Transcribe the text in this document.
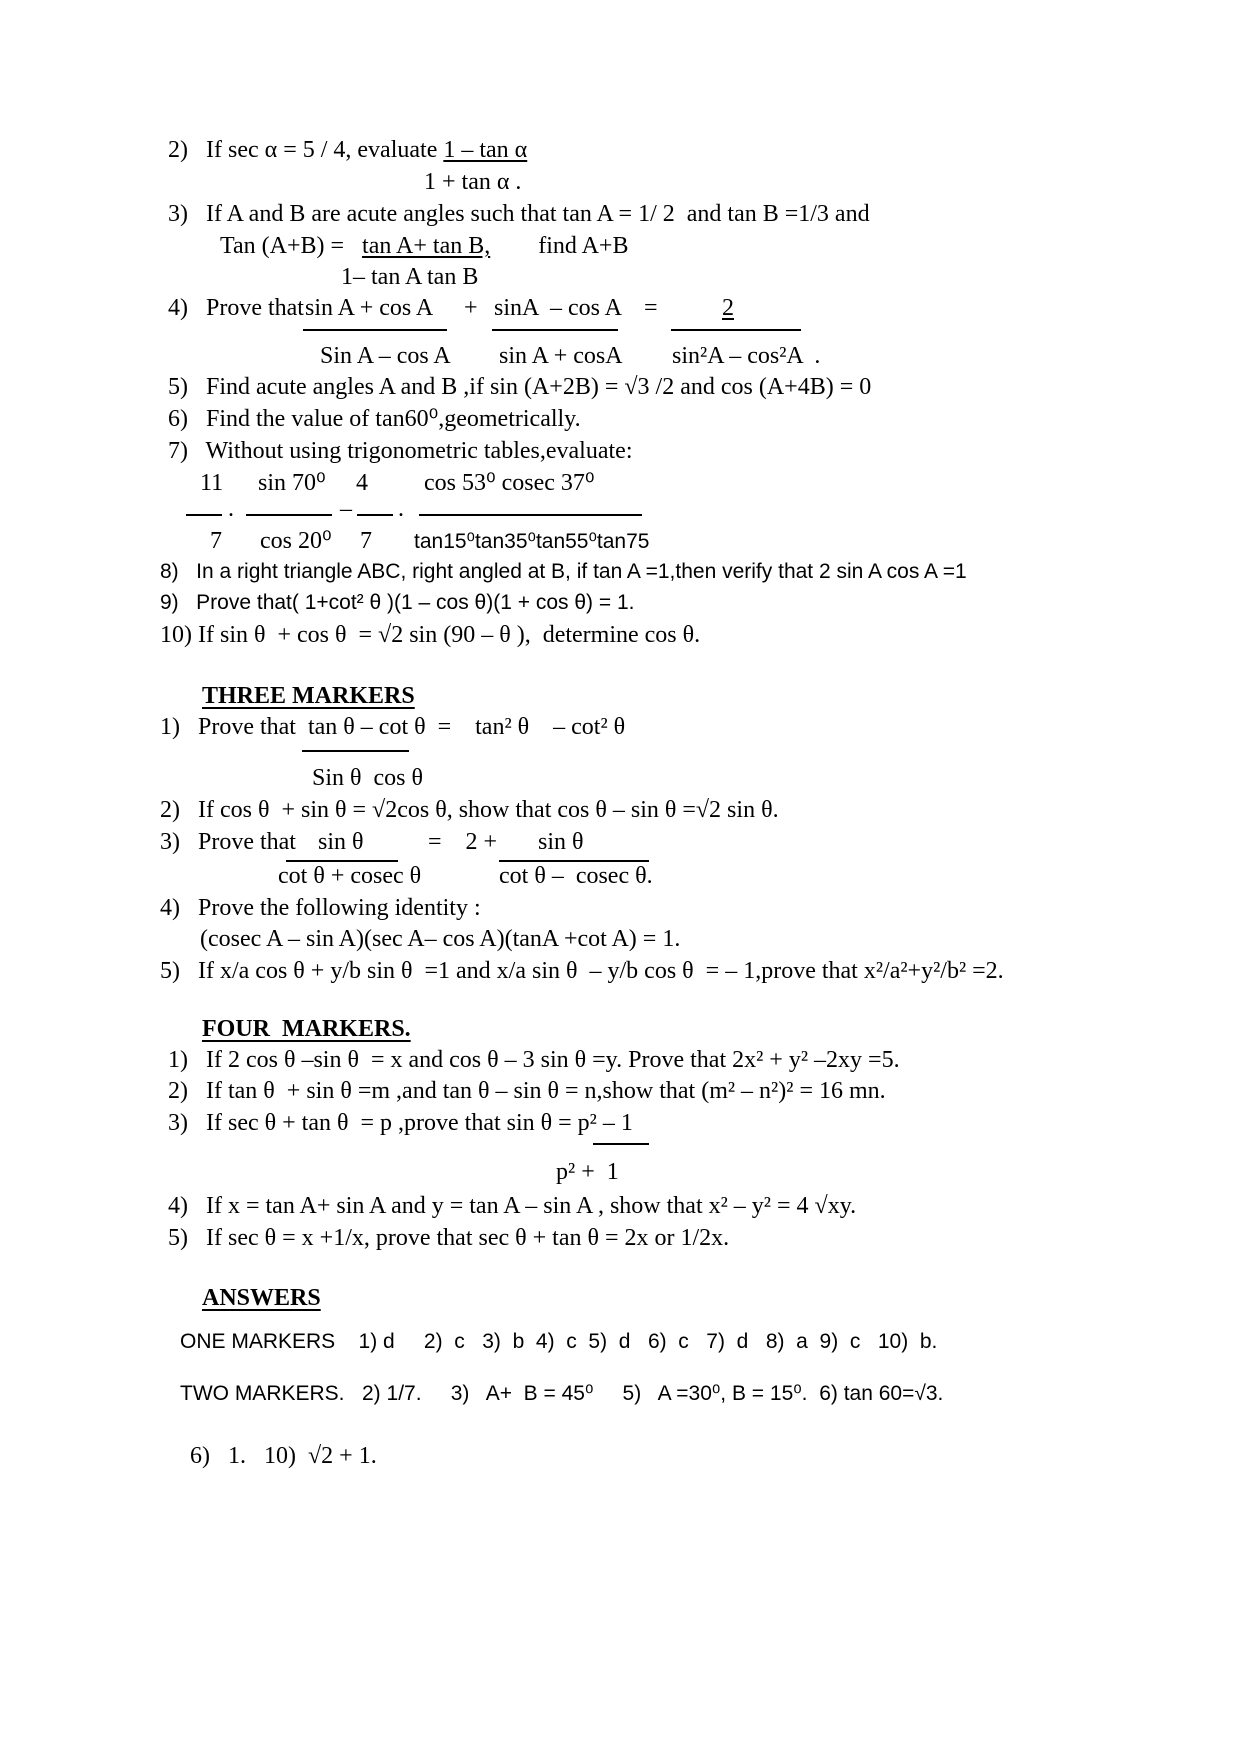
2)   If sec α = 5 / 4, evaluate 1 – tan α
1 + tan α .
3)   If A and B are acute angles such that tan A = 1/ 2  and tan B =1/3 and
Tan (A+B) =   tan A+ tan B,        find A+B
1– tan A tan B

4)   Prove that

sin A + cos A

+

sinA  – cos A

=

	2

Sin A – cos A

sin A + cosA

sin²A – cos²A  .

5)   Find acute angles A and B ,if sin (A+2B) = √3 /2 and cos (A+4B) = 0
6)   Find the value of tan60⁰,geometrically.
7)   Without using trigonometric tables,evaluate:

11

sin 70⁰

4

cos 53⁰ cosec 37⁰

.

	–

.

7

cos 20⁰

7

tan15⁰tan35⁰tan55⁰tan75

8)   In a right triangle ABC, right angled at B, if tan A =1,then verify that 2 sin A cos A =1
9)   Prove that( 1+cot² θ )(1 – cos θ)(1 + cos θ) = 1.
10) If sin θ  + cos θ  = √2 sin (90 – θ ),  determine cos θ.
THREE MARKERS
1)   Prove that  tan θ – cot θ  =    tan² θ    – cot² θ
Sin θ  cos θ
2)   If cos θ  + sin θ = √2cos θ, show that cos θ – sin θ =√2 sin θ.

3)   Prove that

sin θ

	=    2 +

sin θ

cot θ + cosec θ

	cot θ –  cosec θ.

4)   Prove the following identity :
(cosec A – sin A)(sec A– cos A)(tanA +cot A) = 1.
5)   If x/a cos θ + y/b sin θ  =1 and x/a sin θ  – y/b cos θ  = – 1,prove that x²/a²+y²/b² =2.
FOUR  MARKERS.
1)   If 2 cos θ –sin θ  = x and cos θ – 3 sin θ =y. Prove that 2x² + y² –2xy =5.
2)   If tan θ  + sin θ =m ,and tan θ – sin θ = n,show that (m² – n²)² = 16 mn.
3)   If sec θ + tan θ  = p ,prove that sin θ = p² – 1
p² +  1
4)   If x = tan A+ sin A and y = tan A – sin A , show that x² – y² = 4 √xy.
5)   If sec θ = x +1/x, prove that sec θ + tan θ = 2x or 1/2x.
ANSWERS
ONE MARKERS    1) d     2)  c   3)  b  4)  c  5)  d   6)  c   7)  d   8)  a  9)  c   10)  b.
TWO MARKERS.   2) 1/7.     3)   A+  B = 45⁰     5)   A =30⁰, B = 15⁰.  6) tan 60=√3.
6)   1.   10)  √2 + 1.
